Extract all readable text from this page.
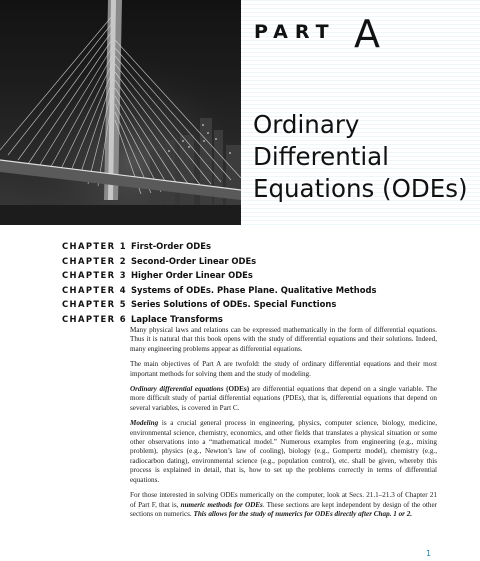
PART A
Ordinary
Differential
Equations (ODEs)
CHAPTER 1 First-Order ODEs
CHAPTER 2 Second-Order Linear ODEs
CHAPTER 3 Higher Order Linear ODEs
CHAPTER 4 Systems of ODEs. Phase Plane. Qualitative Methods
CHAPTER 5 Series Solutions of ODEs. Special Functions
CHAPTER 6 Laplace Transforms

Many physical laws and relations can be expressed mathematically in the form of differential equations. Thus it is natural that this book opens with the study of differential equations and their solutions. Indeed, many engineering problems appear as differential equations.

The main objectives of Part A are twofold: the study of ordinary differential equations and their most important methods for solving them and the study of modeling.

Ordinary differential equations (ODEs) are differential equations that depend on a single variable. The more difficult study of partial differential equations (PDEs), that is, differential equations that depend on several variables, is covered in Part C.

Modeling is a crucial general process in engineering, physics, computer science, biology, medicine, environmental science, chemistry, economics, and other fields that translates a physical situation or some other observations into a “mathematical model.” Numerous examples from engineering (e.g., mixing problem), physics (e.g., Newton’s law of cooling), biology (e.g., Gompertz model), chemistry (e.g., radiocarbon dating), environmental science (e.g., population control), etc. shall be given, whereby this process is explained in detail, that is, how to set up the problems correctly in terms of differential equations.

For those interested in solving ODEs numerically on the computer, look at Secs. 21.1–21.3 of Chapter 21 of Part F, that is, numeric methods for ODEs. These sections are kept independent by design of the other sections on numerics. This allows for the study of numerics for ODEs directly after Chap. 1 or 2.

1
